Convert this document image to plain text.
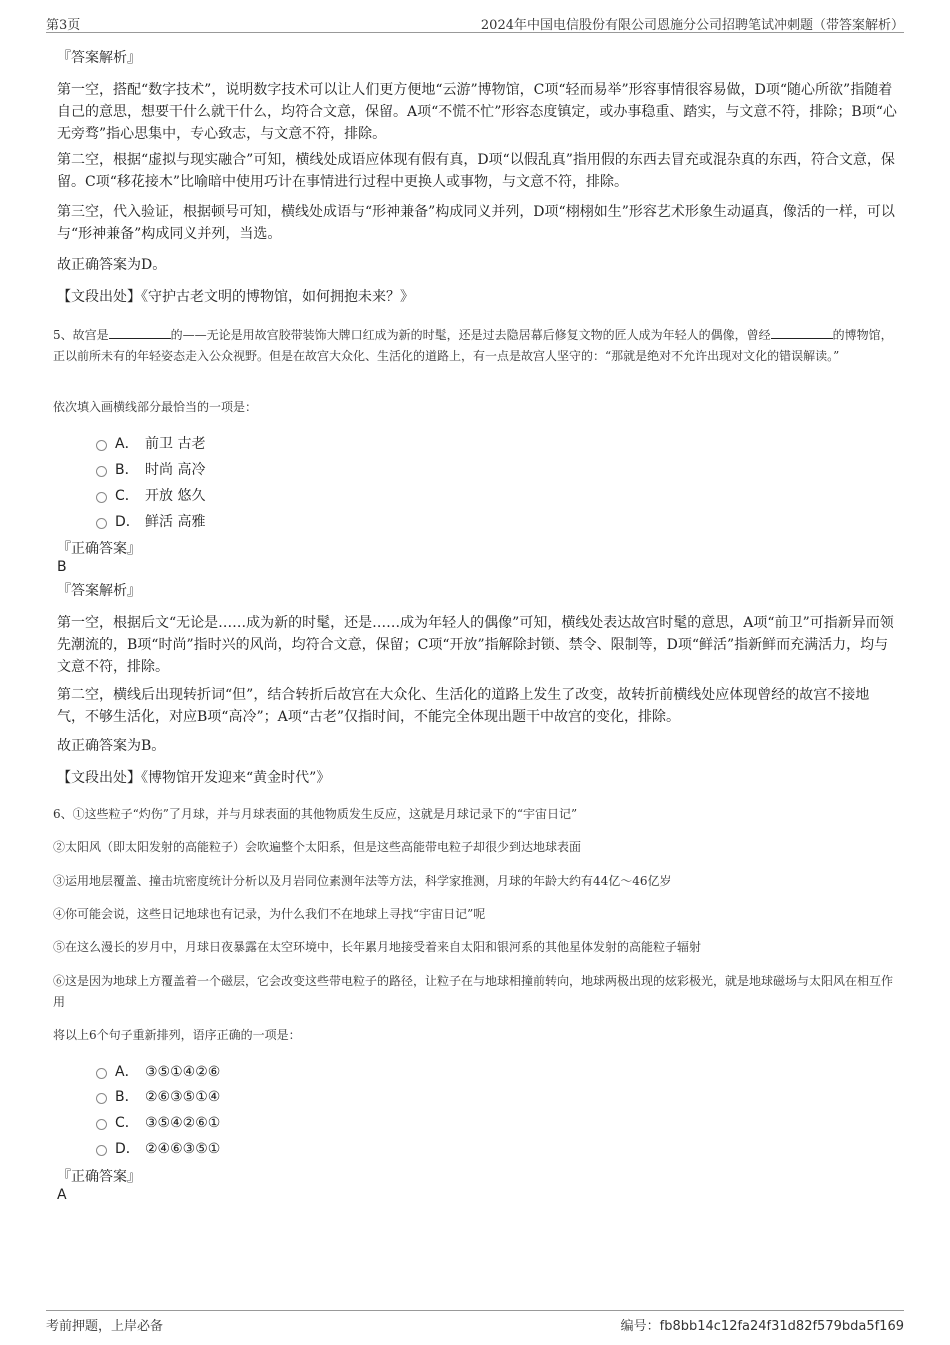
第3页	2024年中国电信股份有限公司恩施分公司招聘笔试冲刺题（带答案解析）
『答案解析』
第一空，搭配“数字技术”，说明数字技术可以让人们更方便地“云游”博物馆，C项“轻而易举”形容事情很容易做，D项“随心所欲”指随着自己的意思，想要干什么就干什么，均符合文意，保留。A项“不慌不忙”形容态度镇定，或办事稳重、踏实，与文意不符，排除；B项“心无旁骛”指心思集中，专心致志，与文意不符，排除。
第二空，根据“虚拟与现实融合”可知，横线处成语应体现有假有真，D项“以假乱真”指用假的东西去冒充或混杂真的东西，符合文意，保留。C项“移花接木”比喻暗中使用巧计在事情进行过程中更换人或事物，与文意不符，排除。
第三空，代入验证，根据顿号可知，横线处成语与“形神兼备”构成同义并列，D项“栩栩如生”形容艺术形象生动逼真，像活的一样，可以与“形神兼备”构成同义并列，当选。
故正确答案为D。
【文段出处】《守护古老文明的博物馆，如何拥抱未来？》
5、故宫是	的——无论是用故宫胶带装饰大牌口红成为新的时髦，还是过去隐居幕后修复文物的匠人成为年轻人的偶像，曾经	的博物馆，正以前所未有的年轻姿态走入公众视野。但是在故宫大众化、生活化的道路上，有一点是故宫人坚守的：“那就是绝对不允许出现对文化的错误解读。”
依次填入画横线部分最恰当的一项是：
A． 前卫 古老
B． 时尚 高冷
C． 开放 悠久
D． 鲜活 高雅
『正确答案』
B
『答案解析』
第一空，根据后文“无论是……成为新的时髦，还是……成为年轻人的偶像”可知，横线处表达故宫时髦的意思，A项“前卫”可指新异而领先潮流的，B项“时尚”指时兴的风尚，均符合文意，保留；C项“开放”指解除封锁、禁令、限制等，D项“鲜活”指新鲜而充满活力，均与文意不符，排除。
第二空，横线后出现转折词“但”，结合转折后故宫在大众化、生活化的道路上发生了改变，故转折前横线处应体现曾经的故宫不接地气，不够生活化，对应B项“高冷”；A项“古老”仅指时间，不能完全体现出题干中故宫的变化，排除。
故正确答案为B。
【文段出处】《博物馆开发迎来“黄金时代”》
6、①这些粒子“灼伤”了月球，并与月球表面的其他物质发生反应，这就是月球记录下的“宇宙日记”
②太阳风（即太阳发射的高能粒子）会吹遍整个太阳系，但是这些高能带电粒子却很少到达地球表面
③运用地层覆盖、撞击坑密度统计分析以及月岩同位素测年法等方法，科学家推测，月球的年龄大约有44亿～46亿岁
④你可能会说，这些日记地球也有记录，为什么我们不在地球上寻找“宇宙日记”呢
⑤在这么漫长的岁月中，月球日夜暴露在太空环境中，长年累月地接受着来自太阳和银河系的其他星体发射的高能粒子辐射
⑥这是因为地球上方覆盖着一个磁层，它会改变这些带电粒子的路径，让粒子在与地球相撞前转向，地球两极出现的炫彩极光，就是地球磁场与太阳风在相互作用
将以上6个句子重新排列，语序正确的一项是：
A． ③⑤①④②⑥
B． ②⑥③⑤①④
C． ③⑤④②⑥①
D． ②④⑥③⑤①
『正确答案』
A
考前押题，上岸必备	编号：fb8bb14c12fa24f31d82f579bda5f169
